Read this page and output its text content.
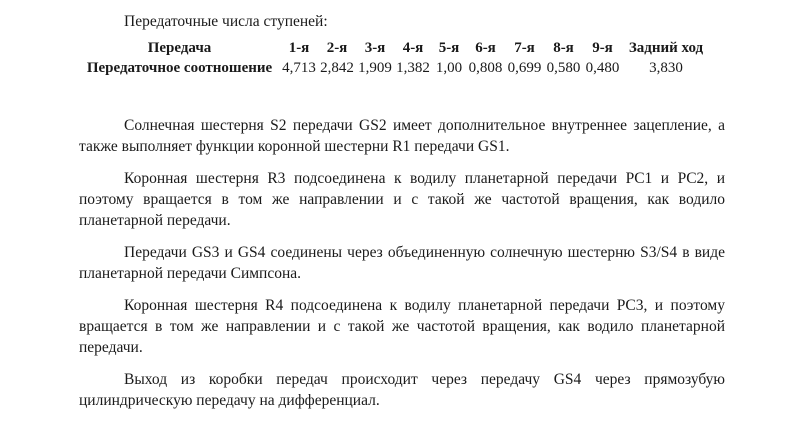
Передаточные числа ступеней:
Передача	1-я	2-я	3-я	4-я	5-я	6-я	7-я	8-я	9-я	Задний ход
Передаточное соотношение	4,713	2,842	1,909	1,382	1,00	0,808	0,699	0,580	0,480	3,830

Солнечная шестерня S2 передачи GS2 имеет дополнительное внутреннее зацепление, а также выполняет функции коронной шестерни R1 передачи GS1.

Коронная шестерня R3 подсоединена к водилу планетарной передачи PC1 и PC2, и поэтому вращается в том же направлении и с такой же частотой вращения, как водило планетарной передачи.

Передачи GS3 и GS4 соединены через объединенную солнечную шестерню S3/S4 в виде планетарной передачи Симпсона.

Коронная шестерня R4 подсоединена к водилу планетарной передачи PC3, и поэтому вращается в том же направлении и с такой же частотой вращения, как водило планетарной передачи.

Выход из коробки передач происходит через передачу GS4 через прямозубую цилиндрическую передачу на дифференциал.
